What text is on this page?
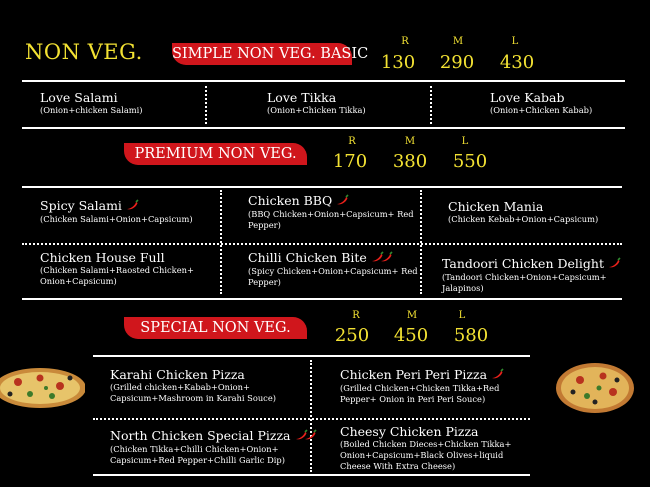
NON VEG. SIMPLE NON VEG. BASIC
R	M	L
130	290	430
Love Salami
(Onion+chicken Salami)
Love Tikka
(Onion+Chicken Tikka)
Love Kabab
(Onion+Chicken Kabab)
PREMIUM NON VEG.
R	M	L
170	380	550
Spicy Salami
(Chicken Salami+Onion+Capsicum)
Chicken BBQ
(BBQ Chicken+Onion+Capsicum+ Red Pepper)
Chicken Mania
(Chicken Kebab+Onion+Capsicum)
Chicken House Full
(Chicken Salami+Raosted Chicken+ Onion+Capsicum)
Chilli Chicken Bite
(Spicy Chicken+Onion+Capsicum+ Red Pepper)
Tandoori Chicken Delight
(Tandoori Chicken+Onion+Capsicum+ Jalapinos)
SPECIAL NON VEG.
R	M	L
250	450	580
Karahi Chicken Pizza
(Grilled chicken+Kabab+Onion+ Capsicum+Mashroom in Karahi Souce)
Chicken Peri Peri Pizza
(Grilled Chicken+Chicken Tikka+Red Pepper+ Onion in Peri Peri Souce)
North Chicken Special Pizza
(Chicken Tikka+Chilli Chicken+Onion+ Capsicum+Red Pepper+Chilli Garlic Dip)
Cheesy Chicken Pizza
(Boiled Chicken Dieces+Chicken Tikka+ Onion+Capsicum+Black Olives+liquid Cheese With Extra Cheese)
